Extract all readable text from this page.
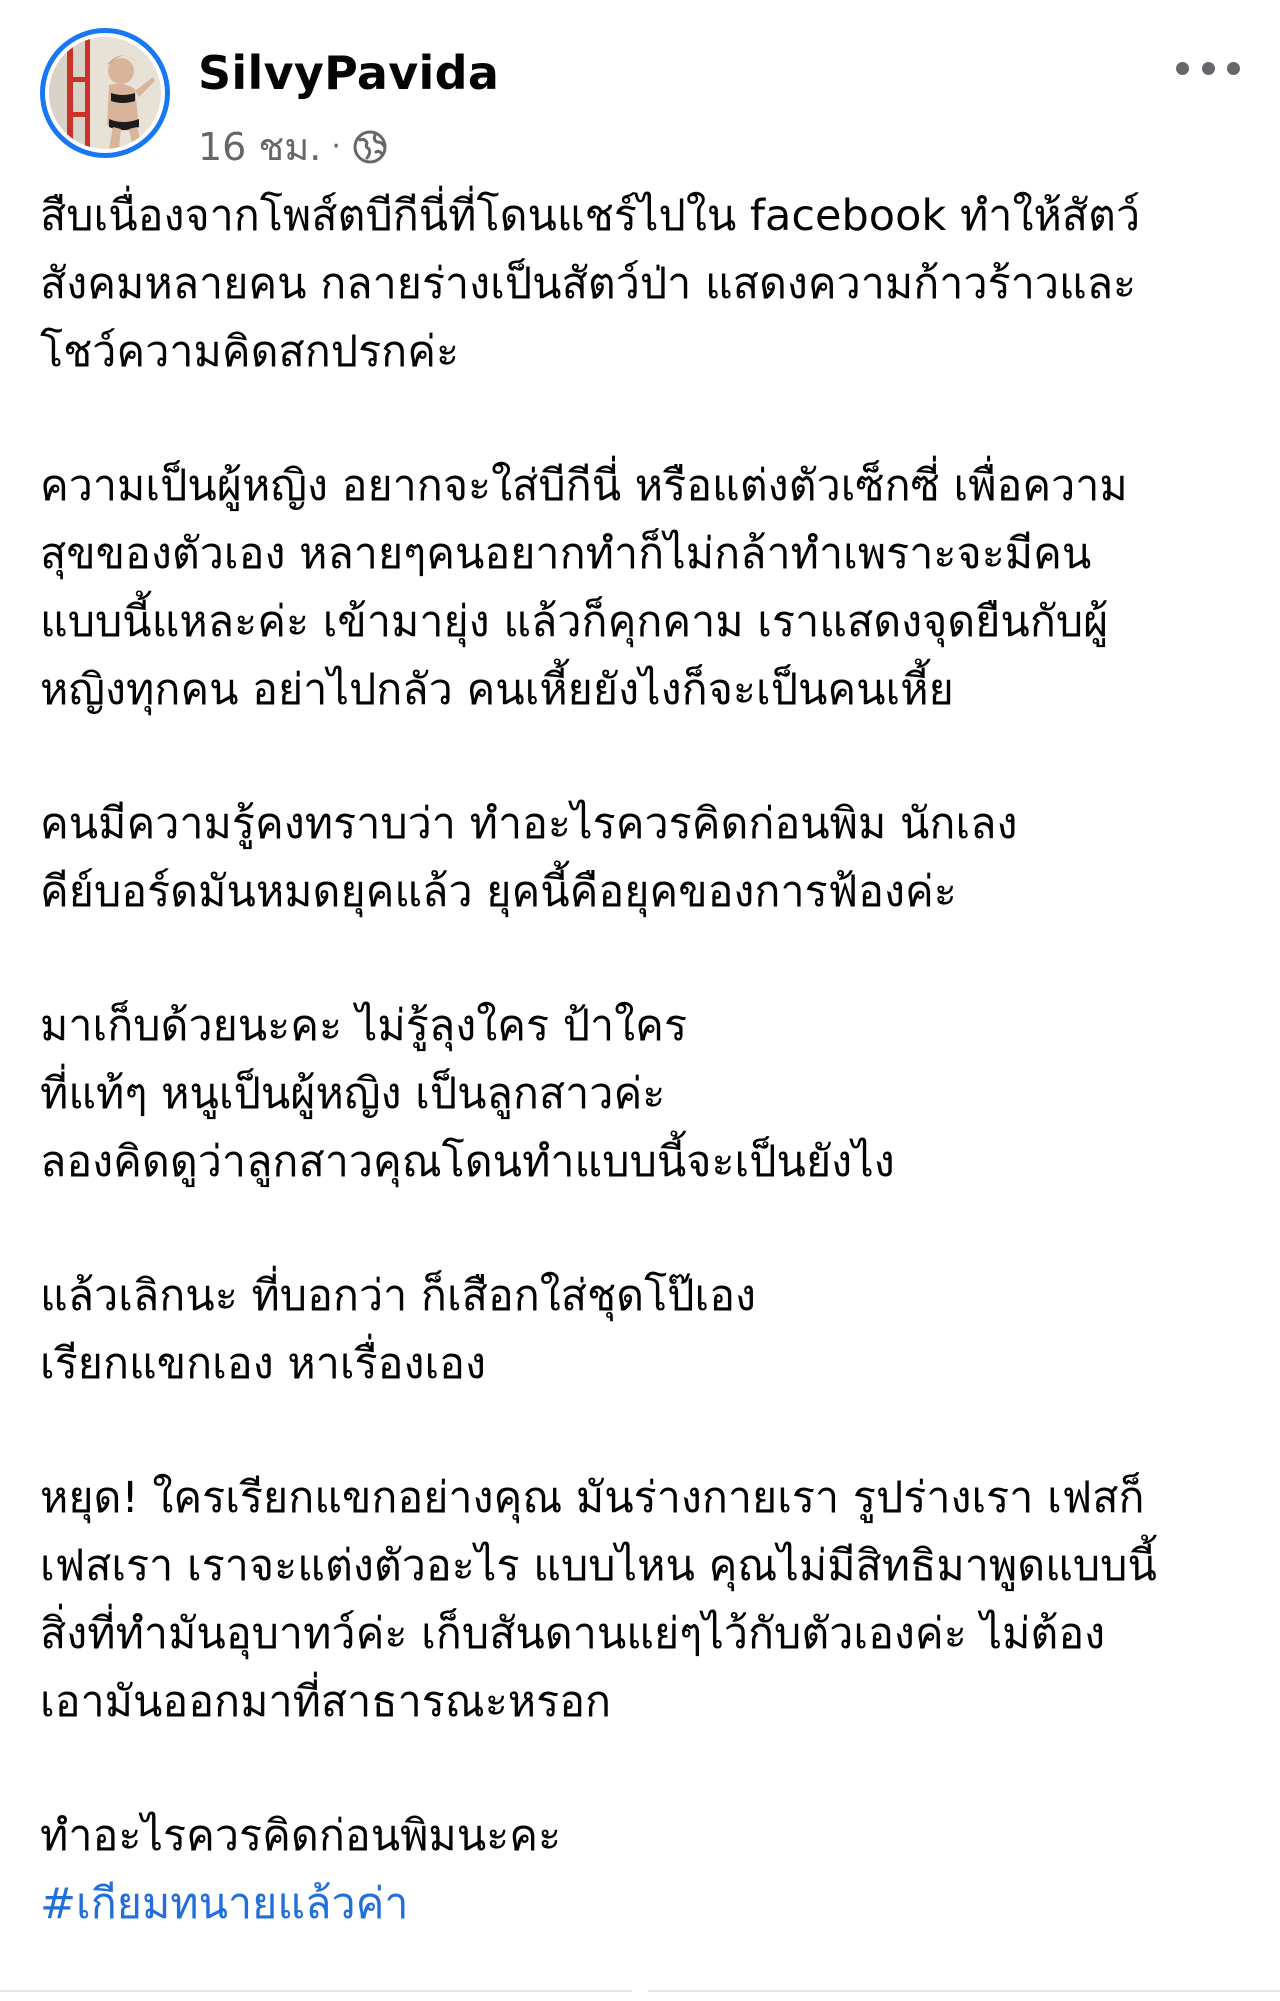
SilvyPavida
16 ชม. ·

สืบเนื่องจากโพส์ตบีกีนี่ที่โดนแชร์ไปใน facebook ทำให้สัตว์
สังคมหลายคน กลายร่างเป็นสัตว์ป่า แสดงความก้าวร้าวและ
โชว์ความคิดสกปรกค่ะ

ความเป็นผู้หญิง อยากจะใส่บีกีนี่ หรือแต่งตัวเซ็กซี่ เพื่อความ
สุขของตัวเอง หลายๆคนอยากทำก็ไม่กล้าทำเพราะจะมีคน
แบบนี้แหละค่ะ เข้ามายุ่ง แล้วก็คุกคาม เราแสดงจุดยืนกับผู้
หญิงทุกคน อย่าไปกลัว คนเหี้ยยังไงก็จะเป็นคนเหี้ย

คนมีความรู้คงทราบว่า ทำอะไรควรคิดก่อนพิม นักเลง
คีย์บอร์ดมันหมดยุคแล้ว ยุคนี้คือยุคของการฟ้องค่ะ

มาเก็บด้วยนะคะ ไม่รู้ลุงใคร ป้าใคร
ที่แท้ๆ หนูเป็นผู้หญิง เป็นลูกสาวค่ะ
ลองคิดดูว่าลูกสาวคุณโดนทำแบบนี้จะเป็นยังไง

แล้วเลิกนะ ที่บอกว่า ก็เสือกใส่ชุดโป๊เอง
เรียกแขกเอง หาเรื่องเอง

หยุด! ใครเรียกแขกอย่างคุณ มันร่างกายเรา รูปร่างเรา เฟสก็
เฟสเรา เราจะแต่งตัวอะไร แบบไหน คุณไม่มีสิทธิมาพูดแบบนี้
สิ่งที่ทำมันอุบาทว์ค่ะ เก็บสันดานแย่ๆไว้กับตัวเองค่ะ ไม่ต้อง
เอามันออกมาที่สาธารณะหรอก

ทำอะไรควรคิดก่อนพิมนะคะ

#เกียมทนายแล้วค่า
